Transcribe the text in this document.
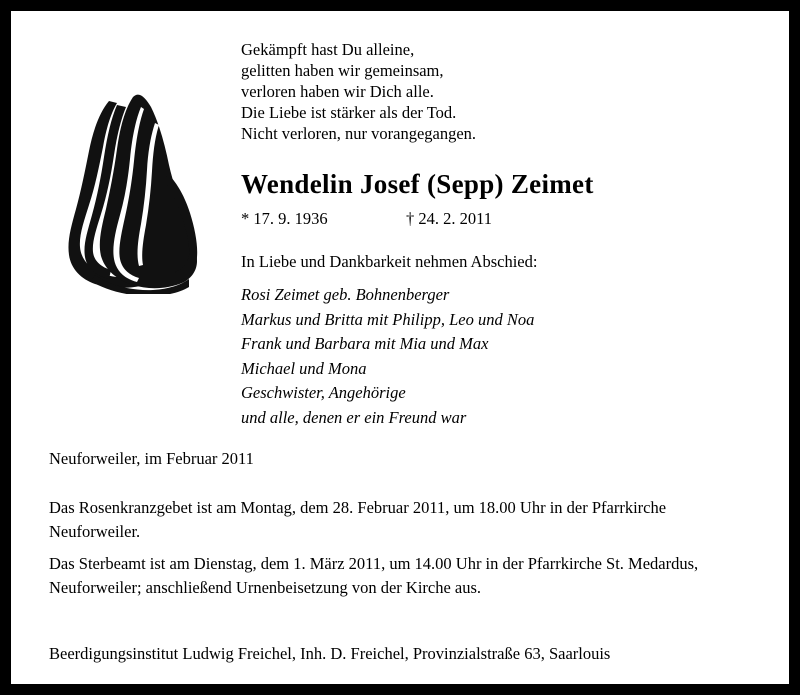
Gekämpft hast Du alleine,
gelitten haben wir gemeinsam,
verloren haben wir Dich alle.
Die Liebe ist stärker als der Tod.
Nicht verloren, nur vorangegangen.
Wendelin Josef (Sepp) Zeimet
* 17. 9. 1936	† 24. 2. 2011
In Liebe und Dankbarkeit nehmen Abschied:
Rosi Zeimet geb. Bohnenberger
Markus und Britta mit Philipp, Leo und Noa
Frank und Barbara mit Mia und Max
Michael und Mona
Geschwister, Angehörige
und alle, denen er ein Freund war
Neuforweiler, im Februar 2011
Das Rosenkranzgebet ist am Montag, dem 28. Februar 2011, um 18.00 Uhr in der Pfarrkirche Neuforweiler.
Das Sterbeamt ist am Dienstag, dem 1. März 2011, um 14.00 Uhr in der Pfarrkirche St. Medardus, Neuforweiler; anschließend Urnenbeisetzung von der Kirche aus.
Beerdigungsinstitut Ludwig Freichel, Inh. D. Freichel, Provinzialstraße 63, Saarlouis
